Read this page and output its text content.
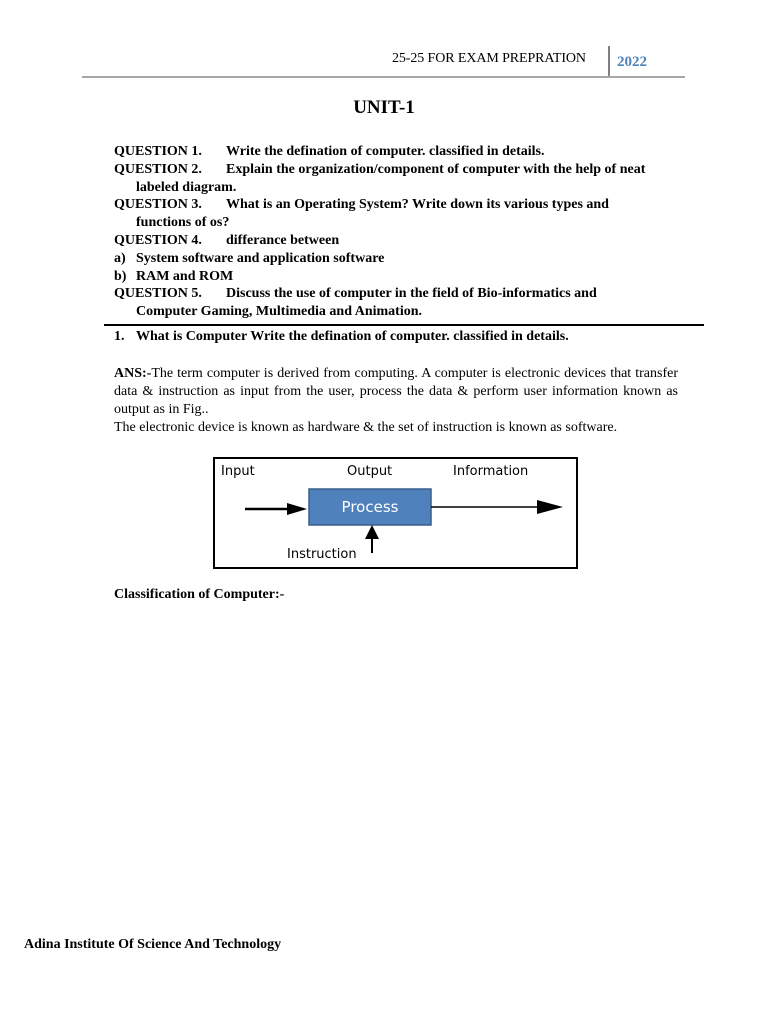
25-25 FOR EXAM PREPRATION 2022
UNIT-1
QUESTION 1.	Write the defination of computer. classified in details.
QUESTION 2.	Explain the organization/component of computer with the help of neat
labeled diagram.
QUESTION 3.	What is an Operating System? Write down its various types and
functions of os?
QUESTION 4.	differance between
a) System software and application software
b) RAM and ROM
QUESTION 5.	Discuss the use of computer in the field of Bio-informatics and
Computer Gaming, Multimedia and Animation.
1. What is Computer Write the defination of computer. classified in details.

ANS:-The term computer is derived from computing. A computer is electronic devices that transfer data & instruction as input from the user, process the data & perform user information known as output as in Fig..

The electronic device is known as hardware & the set of instruction is known as software.

Input	Output	Information
Process
Instruction
Classification of Computer:-
Adina Institute Of Science And Technology
